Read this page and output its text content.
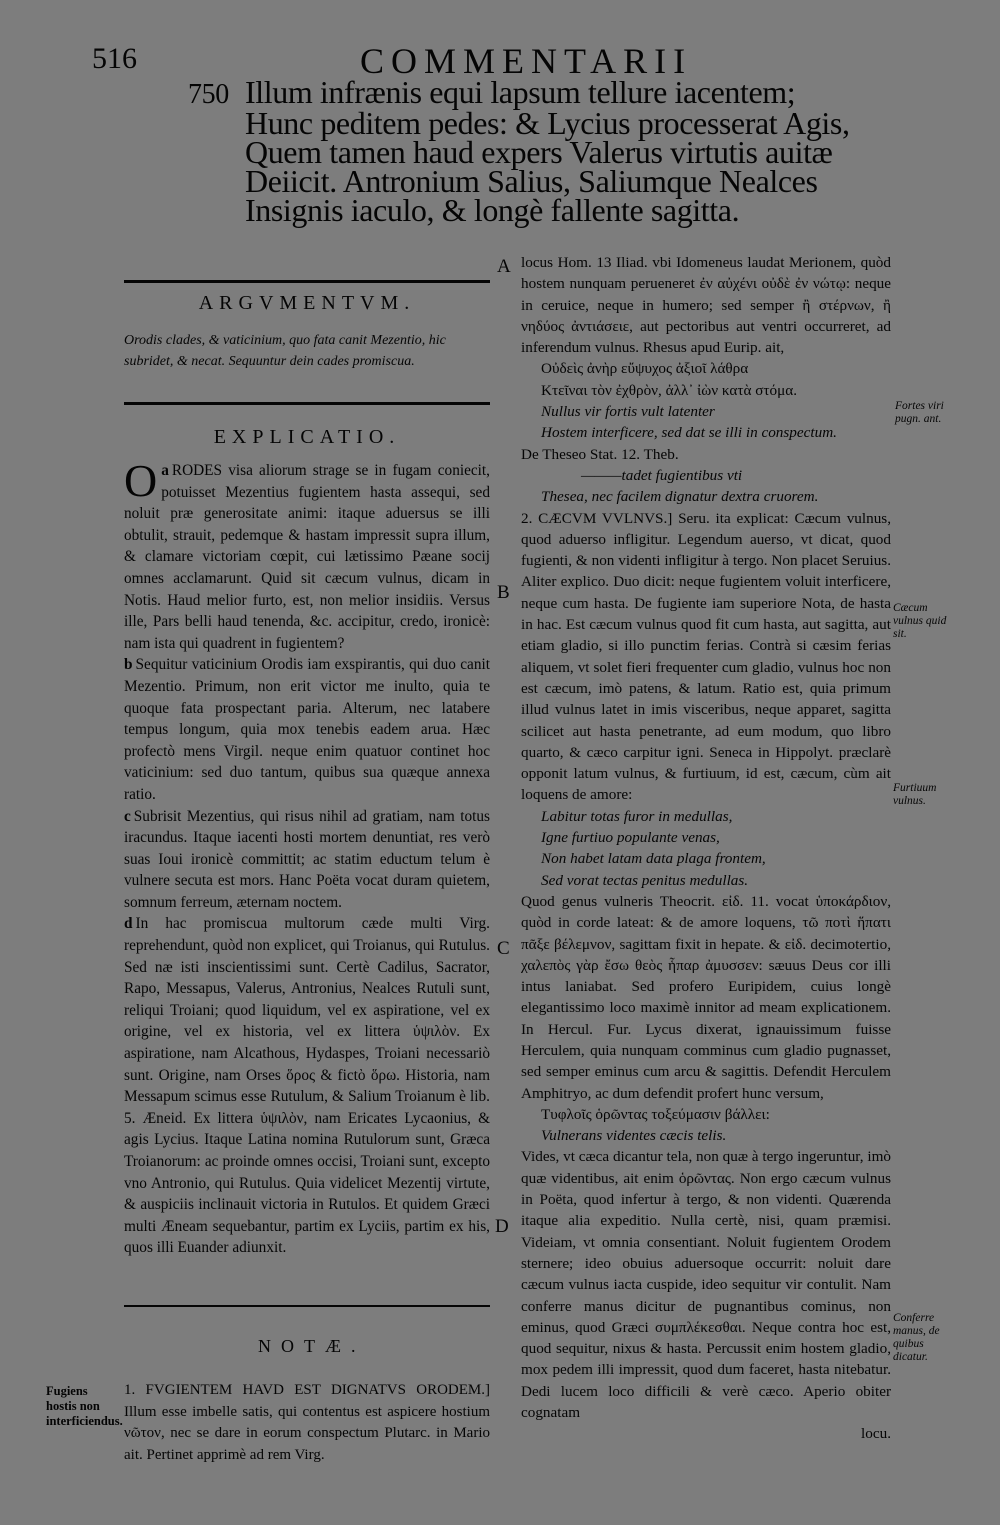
516	COMMENTARII
750 Illum infrænis equi lapsum tellure iacentem;
Hunc peditem pedes: & Lycius processerat Agis,
Quem tamen haud expers Valerus virtutis auitæ
Deiicit. Antronium Salius, Saliumque Nealces
Insignis iaculo, & longè fallente sagitta.
ARGVMENTVM.
Orodis clades, & vaticinium, quo fata canit Mezentio, hic subridet, & necat. Sequuntur dein cades promiscua.
EXPLICATIO.

a
O RODES visa aliorum strage se in fugam coniecit, potuisset Mezentius fugientem hasta assequi, sed noluit præ generositate animi: itaque aduersus se illi obtulit, strauit, pedemque & hastam impressit supra illum, & clamare victoriam cœpit, cui lætissimo Pæane socij omnes acclamarunt. Quid sit cæcum vulnus, dicam in Notis. Haud melior furto, est, non melior insidiis. Versus ille, Pars belli haud tenenda, &c. accipitur, credo, ironicè: nam ista qui quadrent in fugientem?

b Sequitur vaticinium Orodis iam exspirantis, qui duo canit Mezentio. Primum, non erit victor me inulto, quia te quoque fata prospectant paria. Alterum, nec latabere tempus longum, quia mox tenebis eadem arua. Hæc profectò mens Virgil. neque enim quatuor continet hoc vaticinium: sed duo tantum, quibus sua quæque annexa ratio.

c Subrisit Mezentius, qui risus nihil ad gratiam, nam totus iracundus. Itaque iacenti hosti mortem denuntiat, res verò suas Ioui ironicè committit; ac statim eductum telum è vulnere secuta est mors. Hanc Poëta vocat duram quietem, somnum ferreum, æternam noctem.

d In hac promiscua multorum cæde multi Virg. reprehendunt, quòd non explicet, qui Troianus, qui Rutulus. Sed næ isti inscientissimi sunt. Certè Cadilus, Sacrator, Rapo, Messapus, Valerus, Antronius, Nealces Rutuli sunt, reliqui Troiani; quod liquidum, vel ex aspiratione, vel ex origine, vel ex historia, vel ex littera ὑψιλὸν. Ex aspiratione, nam Alcathous, Hydaspes, Troiani necessariò sunt. Origine, nam Orses ὅρος & fictὸ ὅρω. Historia, nam Messapum scimus esse Rutulum, & Salium Troianum è lib. 5. Æneid. Ex littera ὑψιλὸν, nam Ericates Lycaonius, & agis Lycius. Itaque Latina nomina Rutulorum sunt, Græca Troianorum: ac proinde omnes occisi, Troiani sunt, excepto vno Antronio, qui Rutulus. Quia videlicet Mezentij virtute, & auspiciis inclinauit victoria in Rutulos. Et quidem Græci multi Æneam sequebantur, partim ex Lyciis, partim ex his, quos illi Euander adiunxit.

NOTÆ.
1. FVGIENTEM HAVD EST DIGNATVS ORODEM.] Illum esse imbelle satis, qui contentus est aspicere hostium νῶτον, nec se dare in eorum conspectum Plutarc. in Mario ait. Pertinet apprimè ad rem Virg.
Fugiens hostis non interficiendus.
A
B
C
D

locus Hom. 13 Iliad. vbi Idomeneus laudat Merionem, quòd hostem nunquam perueneret ἐν αὐχένι οὐδὲ ἐν νώτῳ: neque in ceruice, neque in humero; sed semper ἢ στέρνων, ἢ νηδύος ἀντιάσειε, aut pectoribus aut ventri occurreret, ad inferendum vulnus. Rhesus apud Eurip. ait,

Οὐδεὶς ἀνὴρ εὔψυχος ἀξιοῖ λάθρα
Κτεῖναι τὸν ἐχθρὸν, ἀλλ᾽ ἰὼν κατὰ στόμα.

Nullus vir fortis vult latenter
Hostem interficere, sed dat se illi in conspectum.

De Theseo Stat. 12. Theb.

———tadet fugientibus vti
Thesea, nec facilem dignatur dextra cruorem.

2. CÆCVM VVLNVS.] Seru. ita explicat: Cæcum vulnus, quod aduerso infligitur. Legendum auerso, vt dicat, quod fugienti, & non videnti infligitur à tergo. Non placet Seruius. Aliter explico. Duo dicit: neque fugientem voluit interficere, neque cum hasta. De fugiente iam superiore Nota, de hasta in hac. Est cæcum vulnus quod fit cum hasta, aut sagitta, aut etiam gladio, si illo punctim ferias. Contrà si cæsim ferias aliquem, vt solet fieri frequenter cum gladio, vulnus hoc non est cæcum, imò patens, & latum. Ratio est, quia primum illud vulnus latet in imis visceribus, neque apparet, sagitta scilicet aut hasta penetrante, ad eum modum, quo libro quarto, & cæco carpitur igni. Seneca in Hippolyt. præclarè opponit latum vulnus, & furtiuum, id est, cæcum, cùm ait loquens de amore:

Labitur totas furor in medullas,
Igne furtiuo populante venas,
Non habet latam data plaga frontem,
Sed vorat tectas penitus medullas.

Quod genus vulneris Theocrit. εἰδ. 11. vocat ὑποκάρδιον, quòd in corde lateat: & de amore loquens, τῶ ποτὶ ἥπατι πᾶξε βέλεμνον, sagittam fixit in hepate. & εἰδ. decimotertio, χαλεπὸς γὰρ ἔσω θεὸς ἧπαρ ἀμυσσεν: sæuus Deus cor illi intus laniabat. Sed profero Euripidem, cuius longè elegantissimo loco maximè innitor ad meam explicationem. In Hercul. Fur. Lycus dixerat, ignauissimum fuisse Herculem, quia nunquam comminus cum gladio pugnasset, sed semper eminus cum arcu & sagittis. Defendit Herculem Amphitryo, ac dum defendit profert hunc versum,

Τυφλοῖς ὁρῶντας τοξεύμασιν βάλλει:

Vulnerans videntes cæcis telis.

Vides, vt cæca dicantur tela, non quæ à tergo ingeruntur, imò quæ videntibus, ait enim ὁρῶντας. Non ergo cæcum vulnus in Poëta, quod infertur à tergo, & non videnti. Quærenda itaque alia expeditio. Nulla certè, nisi, quam præmisi. Videiam, vt omnia consentiant. Noluit fugientem Orodem sternere; ideo obuius aduersoque occurrit: noluit dare cæcum vulnus iacta cuspide, ideo sequitur vir contulit. Nam conferre manus dicitur de pugnantibus cominus, non eminus, quod Græci συμπλέκεσθαι. Neque contra hoc est, quod sequitur, nixus & hasta. Percussit enim hostem gladio, mox pedem illi impressit, quod dum faceret, hasta nitebatur. Dedi lucem loco difficili & verè cæco. Aperio obiter cognatam

locu.

Fortes viri pugn. ant.
Cæcum vulnus quid sit.
Furtiuum vulnus.
Conferre manus, de quibus dicatur.
